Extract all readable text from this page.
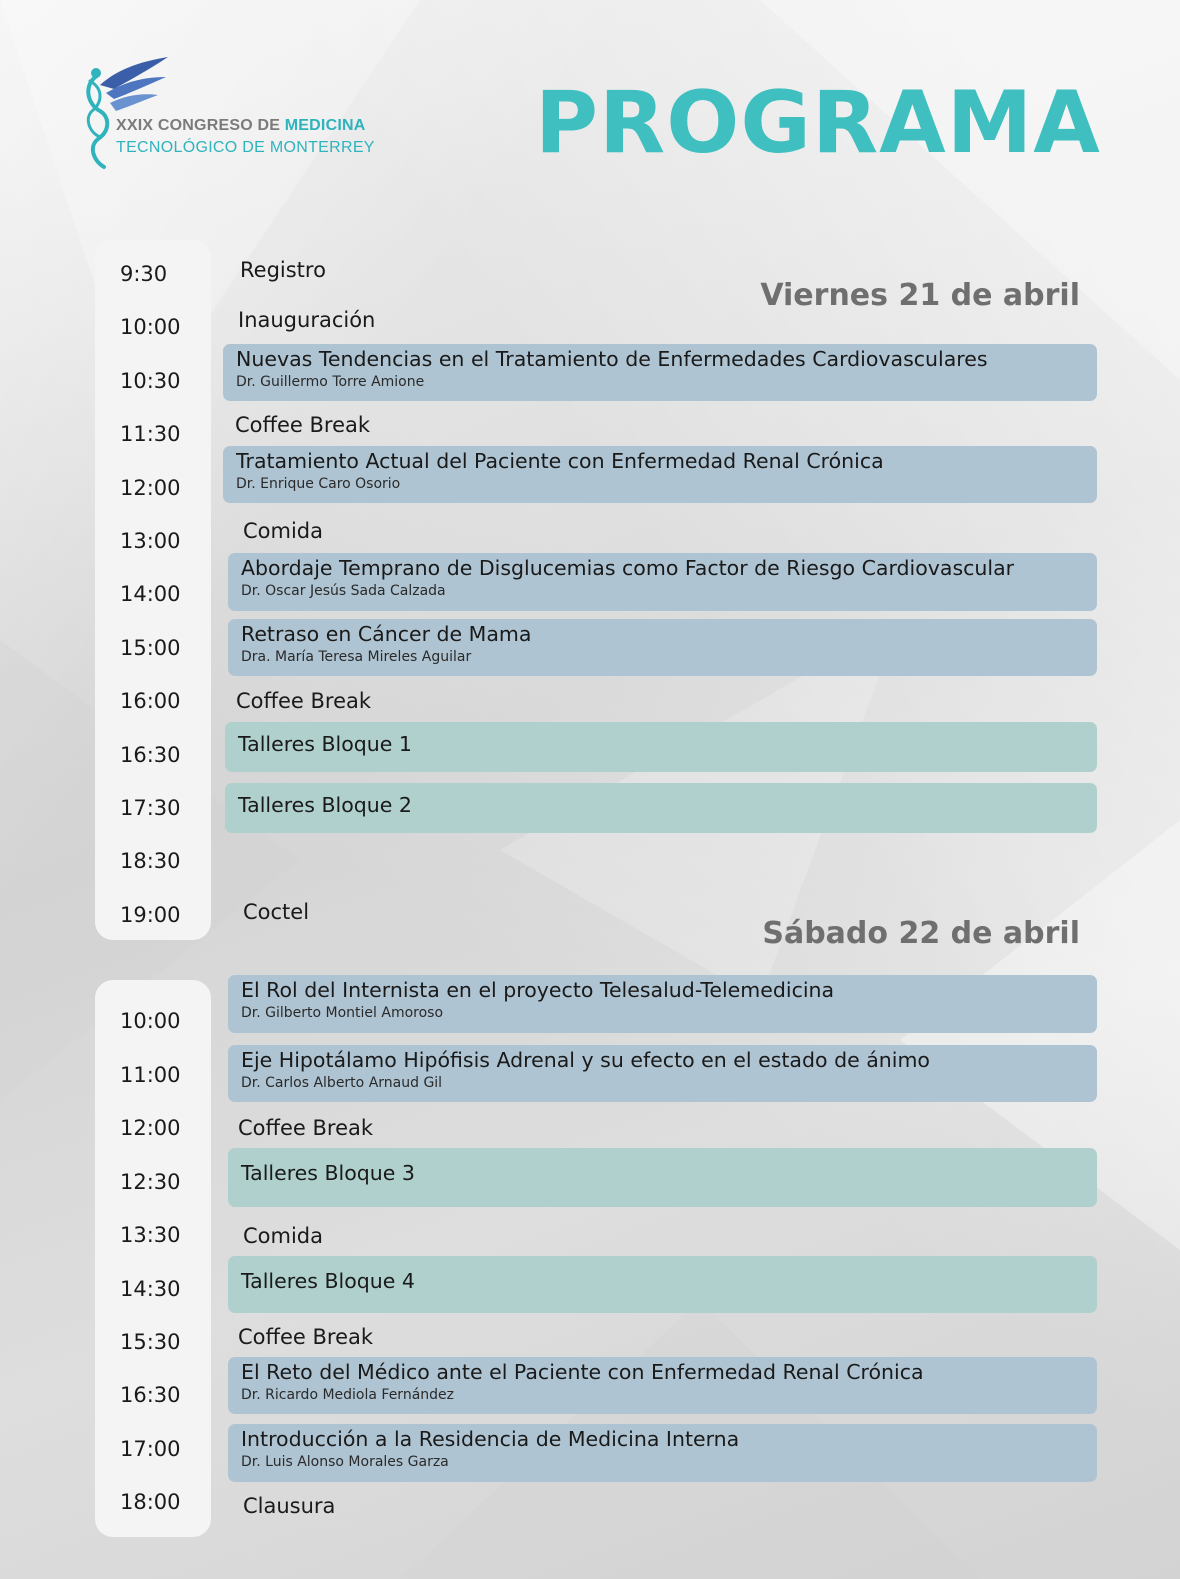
XXIX CONGRESO DE MEDICINA
TECNOLÓGICO DE MONTERREY PROGRAMA
Viernes 21 de abril
9:30
10:00
10:30
11:30
12:00
13:00
14:00
15:00
16:00
16:30
17:30
18:30
19:00
Sábado 22 de abril
10:00
11:00
12:00
12:30
13:30
14:30
15:30
16:30
17:00
18:00
Registro
Inauguración
Nuevas Tendencias en el Tratamiento de Enfermedades Cardiovasculares
Dr. Guillermo Torre Amione
Coffee Break
Tratamiento Actual del Paciente con Enfermedad Renal Crónica
Dr. Enrique Caro Osorio
Comida
Abordaje Temprano de Disglucemias como Factor de Riesgo Cardiovascular
Dr. Oscar Jesús Sada Calzada
Retraso en Cáncer de Mama
Dra. María Teresa Mireles Aguilar
Coffee Break
Talleres Bloque 1
Talleres Bloque 2
Coctel
El Rol del Internista en el proyecto Telesalud-Telemedicina
Dr. Gilberto Montiel Amoroso
Eje Hipotálamo Hipófisis Adrenal y su efecto en el estado de ánimo
Dr. Carlos Alberto Arnaud Gil
Coffee Break
Talleres Bloque 3
Comida
Talleres Bloque 4
Coffee Break
El Reto del Médico ante el Paciente con Enfermedad Renal Crónica
Dr. Ricardo Mediola Fernández
Introducción a la Residencia de Medicina Interna
Dr. Luis Alonso Morales Garza
Clausura
